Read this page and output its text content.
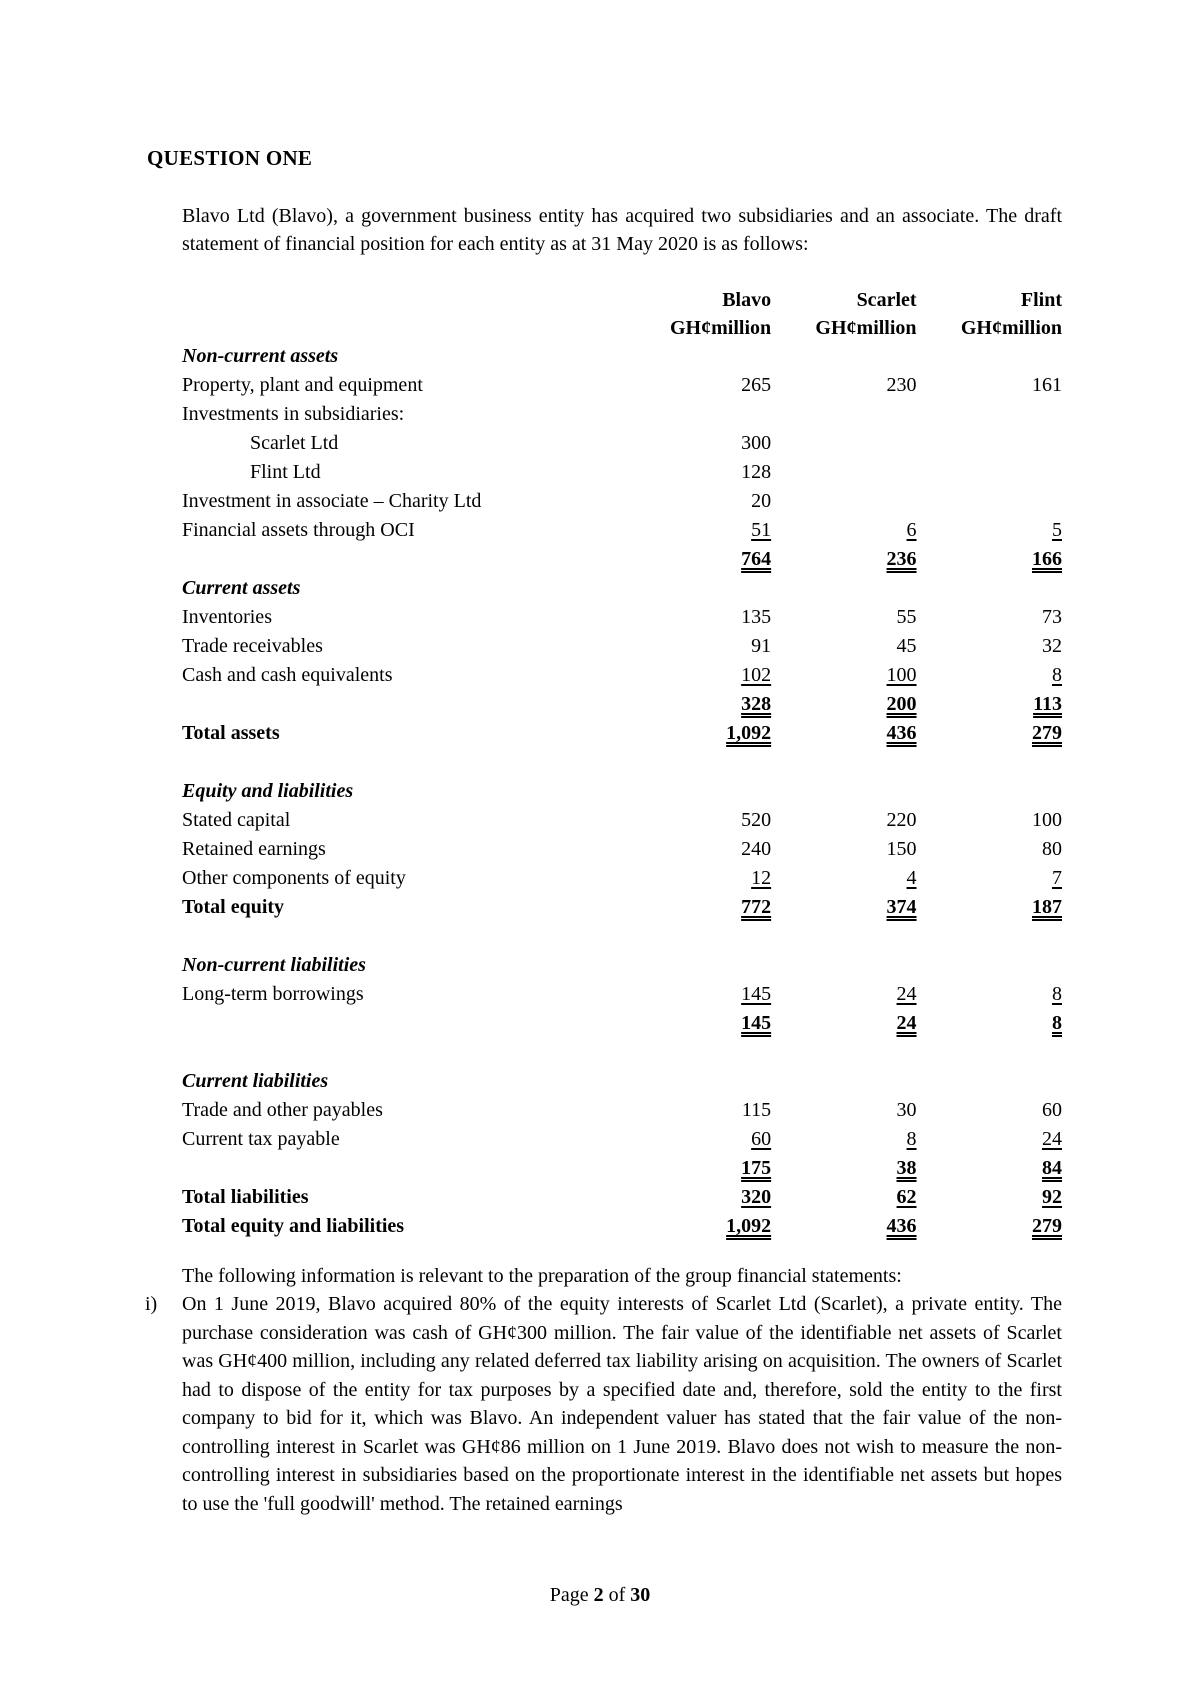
QUESTION ONE
Blavo Ltd (Blavo), a government business entity has acquired two subsidiaries and an associate. The draft statement of financial position for each entity as at 31 May 2020 is as follows:
	Blavo	Scarlet	Flint
	GH¢million	GH¢million	GH¢million
Non-current assets			
Property, plant and equipment	265	230	161
Investments in subsidiaries:			
Scarlet Ltd	300		
Flint Ltd	128		
Investment in associate – Charity Ltd	20		
Financial assets through OCI	51	6	5
	764	236	166
Current assets			
Inventories	135	55	73
Trade receivables	91	45	32
Cash and cash equivalents	102	100	8
	328	200	113
Total assets	1,092	436	279

Equity and liabilities			
Stated capital	520	220	100
Retained earnings	240	150	80
Other components of equity	12	4	7
Total equity	772	374	187

Non-current liabilities			
Long-term borrowings	145	24	8
	145	24	8

Current liabilities			
Trade and other payables	115	30	60
Current tax payable	60	8	24
	175	38	84
Total liabilities	320	62	92
Total equity and liabilities	1,092	436	279
The following information is relevant to the preparation of the group financial statements:
i) On 1 June 2019, Blavo acquired 80% of the equity interests of Scarlet Ltd (Scarlet), a private entity. The purchase consideration was cash of GH¢300 million. The fair value of the identifiable net assets of Scarlet was GH¢400 million, including any related deferred tax liability arising on acquisition. The owners of Scarlet had to dispose of the entity for tax purposes by a specified date and, therefore, sold the entity to the first company to bid for it, which was Blavo. An independent valuer has stated that the fair value of the non-controlling interest in Scarlet was GH¢86 million on 1 June 2019. Blavo does not wish to measure the non-controlling interest in subsidiaries based on the proportionate interest in the identifiable net assets but hopes to use the 'full goodwill' method. The retained earnings
Page 2 of 30
